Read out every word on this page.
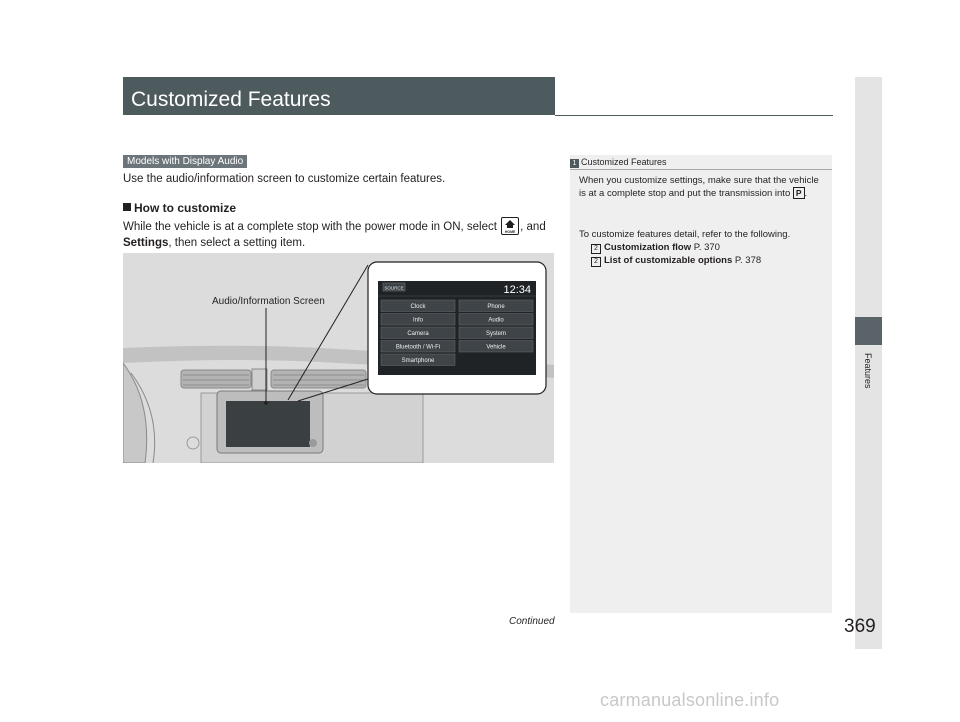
Customized Features
Features
Models with Display Audio
Use the audio/information screen to customize certain features.
How to customize
While the vehicle is at a complete stop with the power mode in ON, select	HOME , and Settings, then select a setting item.
SOURCE	12:34
Clock	Phone
Info	Audio
Camera	System
Bluetooth / Wi-Fi	Vehicle
Smartphone
Audio/Information Screen
1 Customized Features
When you customize settings, make sure that the vehicle is at a complete stop and put the transmission into P .
To customize features detail, refer to the following.
2 Customization flow P. 370
2 List of customizable options P. 378
Continued	369
carmanualsonline.info
